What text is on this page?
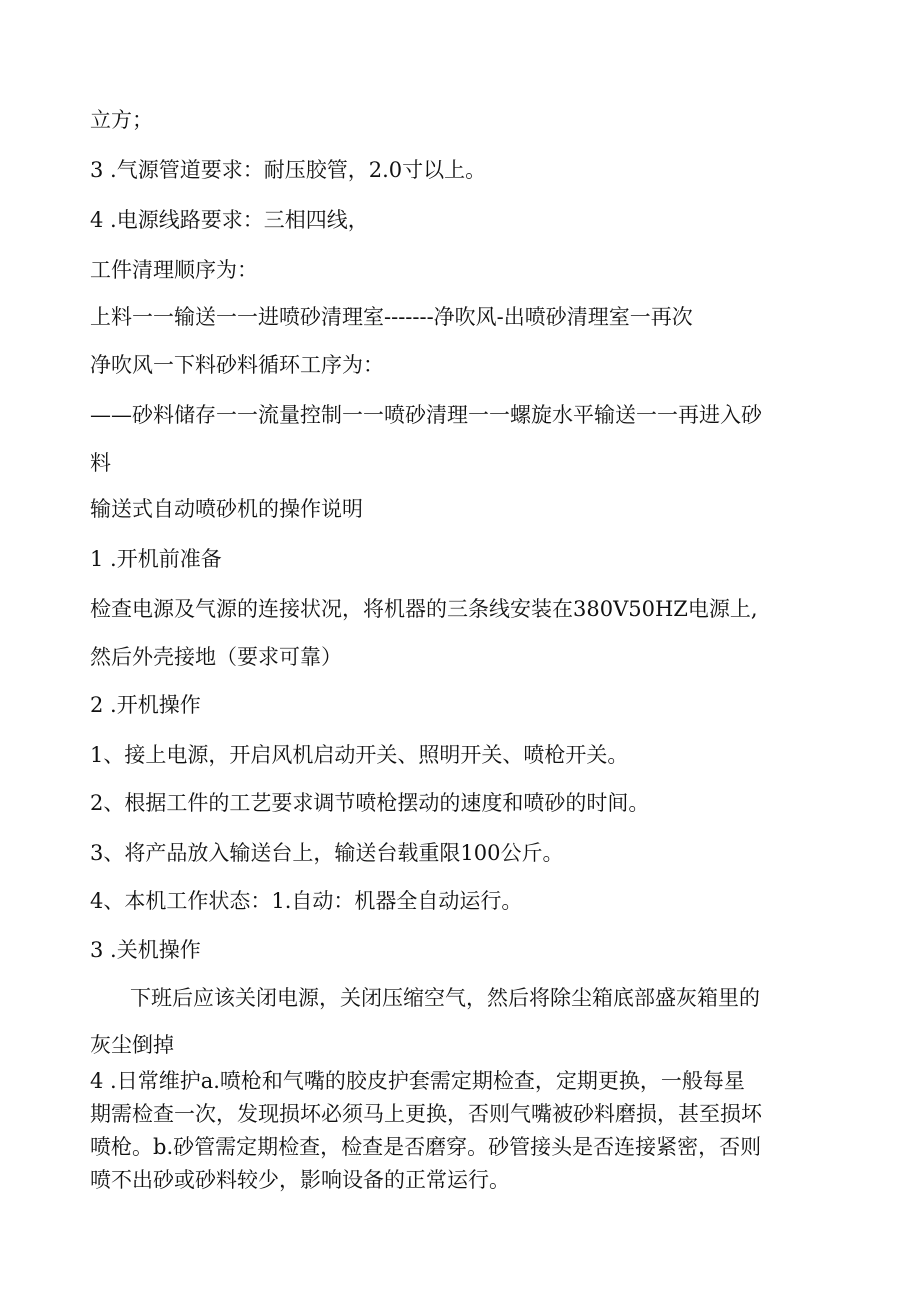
立方；
3 .气源管道要求：耐压胶管，2.0寸以上。
4 .电源线路要求：三相四线，
工件清理顺序为：
上料一一输送一一进喷砂清理室-------净吹风-出喷砂清理室一再次
净吹风一下料砂料循环工序为：
——砂料储存一一流量控制一一喷砂清理一一螺旋水平输送一一再进入砂
料
输送式自动喷砂机的操作说明
1 .开机前准备
检查电源及气源的连接状况，将机器的三条线安装在380V50HZ电源上,
然后外壳接地（要求可靠）
2 .开机操作
1、接上电源，开启风机启动开关、照明开关、喷枪开关。
2、根据工件的工艺要求调节喷枪摆动的速度和喷砂的时间。
3、将产品放入输送台上，输送台载重限100公斤。
4、本机工作状态：1.自动：机器全自动运行。
3 .关机操作
下班后应该关闭电源，关闭压缩空气，然后将除尘箱底部盛灰箱里的
灰尘倒掉
4 .日常维护a.喷枪和气嘴的胶皮护套需定期检查，定期更换，一般每星
期需检查一次，发现损坏必须马上更换，否则气嘴被砂料磨损，甚至损坏
喷枪。b.砂管需定期检查，检查是否磨穿。砂管接头是否连接紧密，否则
喷不出砂或砂料较少，影响设备的正常运行。
